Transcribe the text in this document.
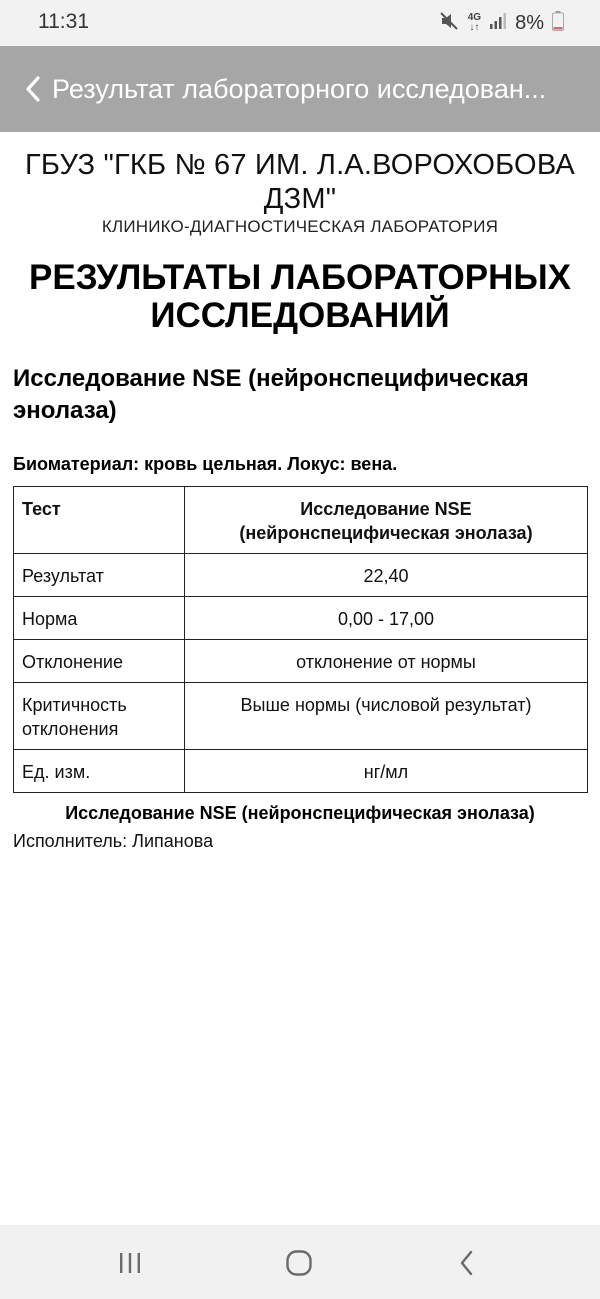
11:31	4G
↓↑ 8%
Результат лабораторного исследован...
ГБУЗ "ГКБ № 67 ИМ. Л.А.ВОРОХОБОВА ДЗМ"
КЛИНИКО-ДИАГНОСТИЧЕСКАЯ ЛАБОРАТОРИЯ
РЕЗУЛЬТАТЫ ЛАБОРАТОРНЫХ ИССЛЕДОВАНИЙ
Исследование NSE (нейронспецифическая энолаза)
Биоматериал: кровь цельная. Локус: вена.
Тест	Исследование NSE (нейронспецифическая энолаза)
Результат	22,40
Норма	0,00 - 17,00
Отклонение	отклонение от нормы
Критичность отклонения	Выше нормы (числовой результат)
Ед. изм.	нг/мл
Исследование NSE (нейронспецифическая энолаза)
Исполнитель: Липанова
